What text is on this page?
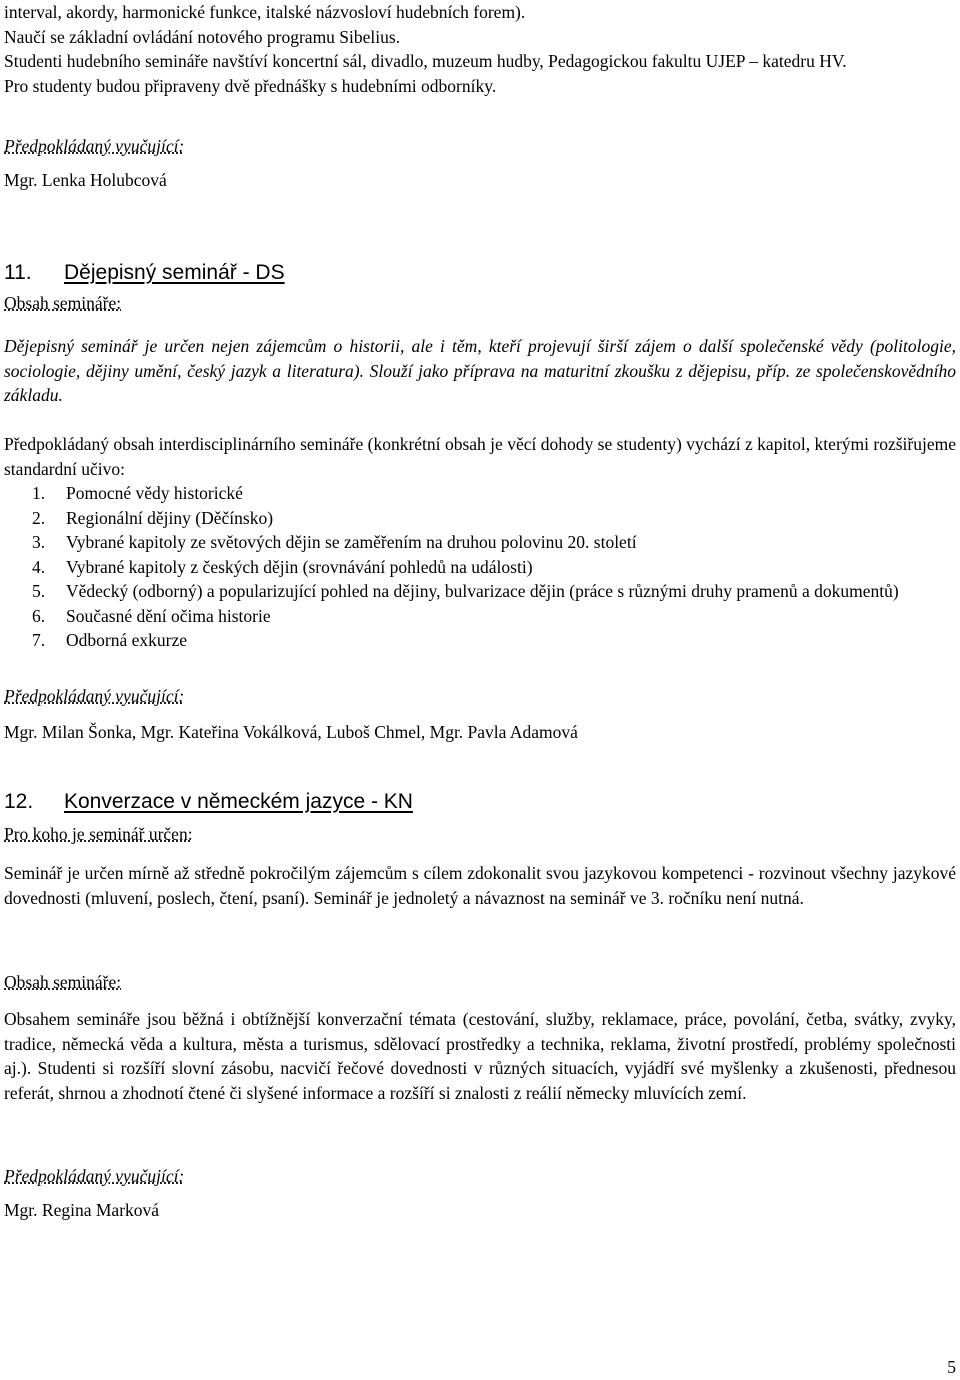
interval, akordy, harmonické funkce, italské názvosloví hudebních forem).

Naučí se základní ovládání notového programu Sibelius.

Studenti hudebního semináře navštíví koncertní sál, divadlo, muzeum hudby, Pedagogickou fakultu UJEP – katedru HV.

Pro studenty budou připraveny dvě přednášky s hudebními odborníky.

Předpokládaný vyučující:
Mgr. Lenka Holubcová
11. Dějepisný seminář - DS
Obsah semináře:

Dějepisný seminář je určen nejen zájemcům o historii, ale i těm, kteří projevují širší zájem o další společenské vědy (politologie, sociologie, dějiny umění, český jazyk a literatura). Slouží jako příprava na maturitní zkoušku z dějepisu, příp. ze společenskovědního základu.

Předpokládaný obsah interdisciplinárního semináře (konkrétní obsah je věcí dohody se studenty) vychází z kapitol, kterými rozšiřujeme standardní učivo:

1. Pomocné vědy historické
2. Regionální dějiny (Děčínsko)
3. Vybrané kapitoly ze světových dějin se zaměřením na druhou polovinu 20. století
4. Vybrané kapitoly z českých dějin (srovnávání pohledů na události)
5. Vědecký (odborný) a popularizující pohled na dějiny, bulvarizace dějin (práce s různými druhy pramenů a dokumentů)
6. Současné dění očima historie
7. Odborná exkurze
Předpokládaný vyučující:
Mgr. Milan Šonka, Mgr. Kateřina Vokálková, Luboš Chmel, Mgr. Pavla Adamová
12. Konverzace v německém jazyce - KN
Pro koho je seminář určen:

Seminář je určen mírně až středně pokročilým zájemcům s cílem zdokonalit svou jazykovou kompetenci - rozvinout všechny jazykové dovednosti (mluvení, poslech, čtení, psaní). Seminář je jednoletý a návaznost na seminář ve 3. ročníku není nutná.

Obsah semináře:

Obsahem semináře jsou běžná i obtížnější konverzační témata (cestování, služby, reklamace, práce, povolání, četba, svátky, zvyky, tradice, německá věda a kultura, města a turismus, sdělovací prostředky a technika, reklama, životní prostředí, problémy společnosti aj.). Studenti si rozšíří slovní zásobu, nacvičí řečové dovednosti v různých situacích, vyjádří své myšlenky a zkušenosti, přednesou referát, shrnou a zhodnotí čtené či slyšené informace a rozšíří si znalosti z reálií německy mluvících zemí.

Předpokládaný vyučující:
Mgr. Regina Marková
5
